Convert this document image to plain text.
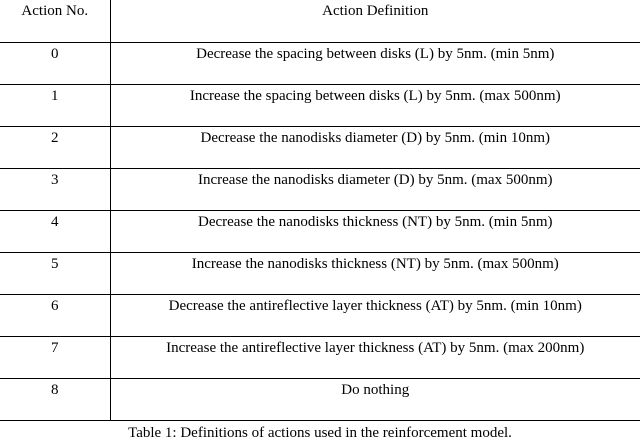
Action No.	Action Definition
0	Decrease the spacing between disks (L) by 5nm. (min 5nm)
1	Increase the spacing between disks (L) by 5nm. (max 500nm)
2	Decrease the nanodisks diameter (D) by 5nm. (min 10nm)
3	Increase the nanodisks diameter (D) by 5nm. (max 500nm)
4	Decrease the nanodisks thickness (NT) by 5nm. (min 5nm)
5	Increase the nanodisks thickness (NT) by 5nm. (max 500nm)
6	Decrease the antireflective layer thickness (AT) by 5nm. (min 10nm)
7	Increase the antireflective layer thickness (AT) by 5nm. (max 200nm)
8	Do nothing
Table 1: Definitions of actions used in the reinforcement model.
